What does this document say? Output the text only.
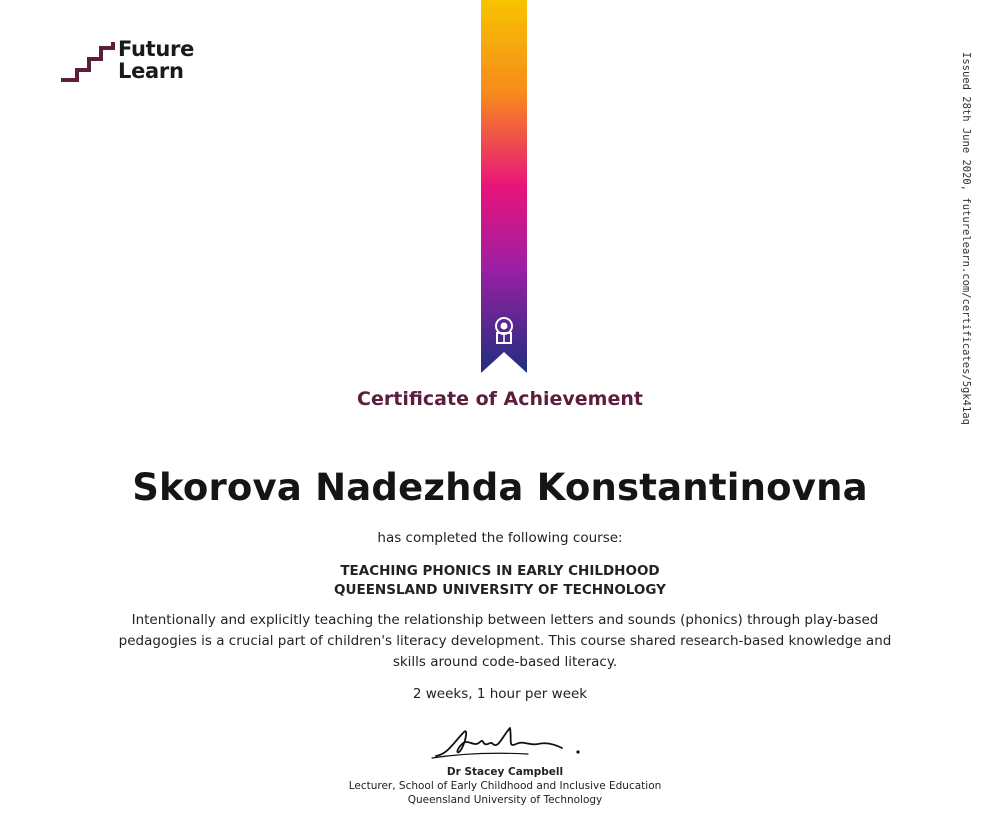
Future
Learn	Issued 28th June 2020, futurelearn.com/certificates/5gk41aq
Certificate of Achievement
Skorova Nadezhda Konstantinovna
has completed the following course:
TEACHING PHONICS IN EARLY CHILDHOOD
QUEENSLAND UNIVERSITY OF TECHNOLOGY
Intentionally and explicitly teaching the relationship between letters and sounds (phonics) through play-based pedagogies is a crucial part of children's literacy development. This course shared research-based knowledge and skills around code-based literacy.
2 weeks, 1 hour per week
Dr Stacey Campbell
Lecturer, School of Early Childhood and Inclusive Education
Queensland University of Technology
